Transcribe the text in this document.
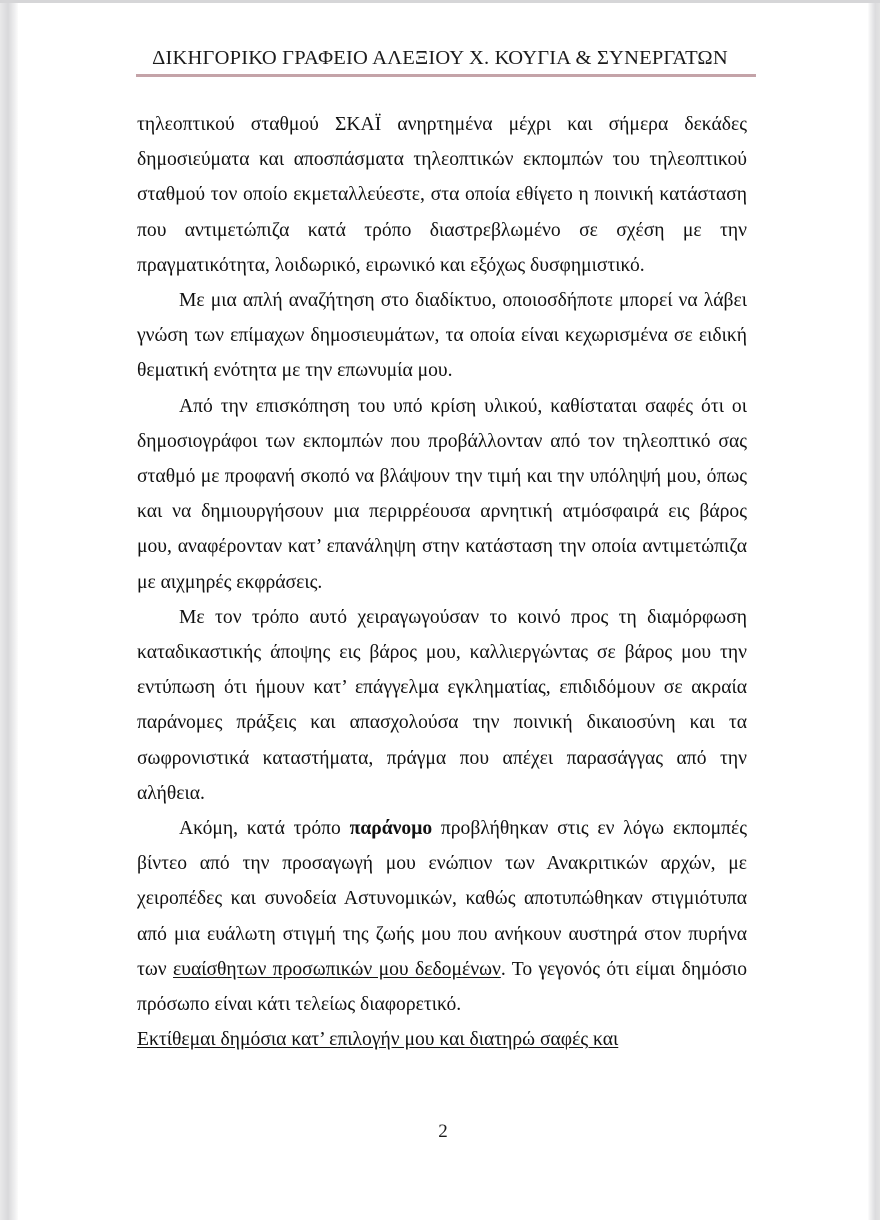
ΔΙΚΗΓΟΡΙΚΟ ΓΡΑΦΕΙΟ ΑΛΕΞΙΟΥ Χ. ΚΟΥΓΙΑ & ΣΥΝΕΡΓΑΤΩΝ

τηλεοπτικού σταθμού ΣΚΑΪ ανηρτημένα μέχρι και σήμερα δεκάδες δημοσιεύματα και αποσπάσματα τηλεοπτικών εκπομπών του τηλεοπτικού σταθμού τον οποίο εκμεταλλεύεστε, στα οποία εθίγετο η ποινική κατάσταση που αντιμετώπιζα κατά τρόπο διαστρεβλωμένο σε σχέση με την πραγματικότητα, λοιδωρικό, ειρωνικό και εξόχως δυσφημιστικό.

Με μια απλή αναζήτηση στο διαδίκτυο, οποιοσδήποτε μπορεί να λάβει γνώση των επίμαχων δημοσιευμάτων, τα οποία είναι κεχωρισμένα σε ειδική θεματική ενότητα με την επωνυμία μου.

Από την επισκόπηση του υπό κρίση υλικού, καθίσταται σαφές ότι οι δημοσιογράφοι των εκπομπών που προβάλλονταν από τον τηλεοπτικό σας σταθμό με προφανή σκοπό να βλάψουν την τιμή και την υπόληψή μου, όπως και να δημιουργήσουν μια περιρρέουσα αρνητική ατμόσφαιρά εις βάρος μου, αναφέρονταν κατ’ επανάληψη στην κατάσταση την οποία αντιμετώπιζα με αιχμηρές εκφράσεις.

Με τον τρόπο αυτό χειραγωγούσαν το κοινό προς τη διαμόρφωση καταδικαστικής άποψης εις βάρος μου, καλλιεργώντας σε βάρος μου την εντύπωση ότι ήμουν κατ’ επάγγελμα εγκληματίας, επιδιδόμουν σε ακραία παράνομες πράξεις και απασχολούσα την ποινική δικαιοσύνη και τα σωφρονιστικά καταστήματα, πράγμα που απέχει παρασάγγας από την αλήθεια.

Ακόμη, κατά τρόπο παράνομο προβλήθηκαν στις εν λόγω εκπομπές βίντεο από την προσαγωγή μου ενώπιον των Ανακριτικών αρχών, με χειροπέδες και συνοδεία Αστυνομικών, καθώς αποτυπώθηκαν στιγμιότυπα από μια ευάλωτη στιγμή της ζωής μου που ανήκουν αυστηρά στον πυρήνα των ευαίσθητων προσωπικών μου δεδομένων. Το γεγονός ότι είμαι δημόσιο πρόσωπο είναι κάτι τελείως διαφορετικό.

Εκτίθεμαι δημόσια κατ’ επιλογήν μου και διατηρώ σαφές και

2
